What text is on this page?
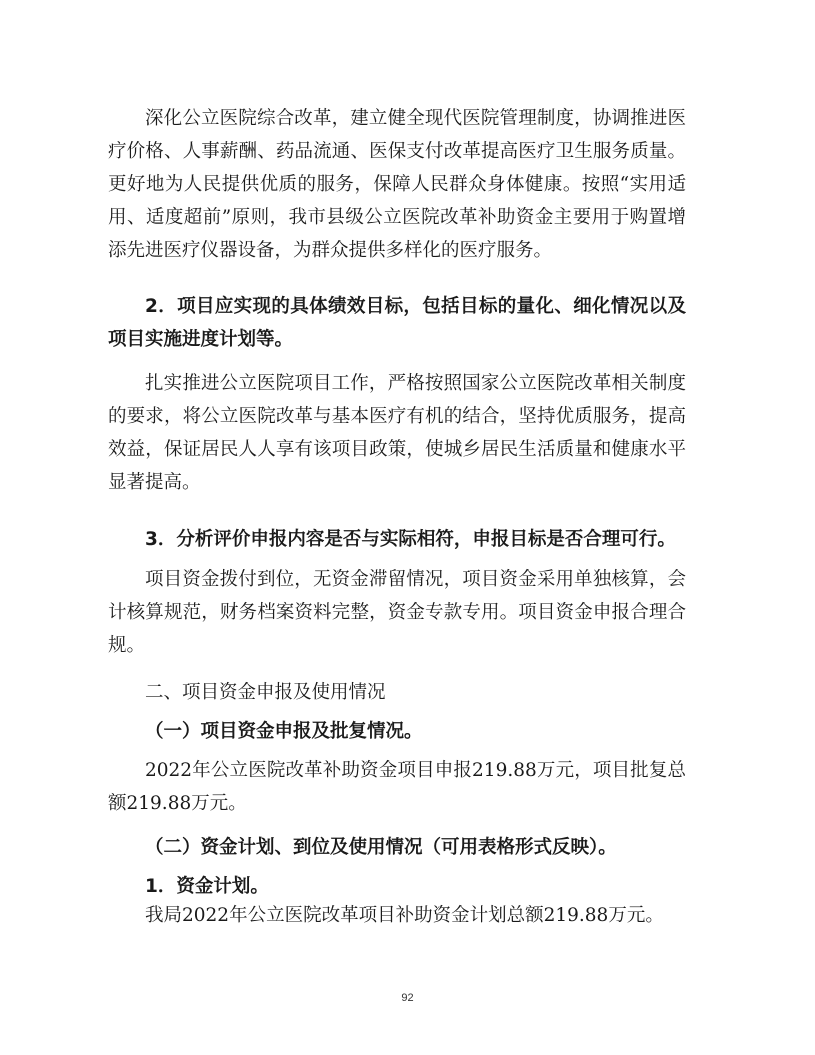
深化公立医院综合改革，建立健全现代医院管理制度，协调推进医疗价格、人事薪酬、药品流通、医保支付改革提高医疗卫生服务质量。更好地为人民提供优质的服务，保障人民群众身体健康。按照“实用适用、适度超前”原则，我市县级公立医院改革补助资金主要用于购置增添先进医疗仪器设备，为群众提供多样化的医疗服务。

2．项目应实现的具体绩效目标，包括目标的量化、细化情况以及项目实施进度计划等。

扎实推进公立医院项目工作，严格按照国家公立医院改革相关制度的要求，将公立医院改革与基本医疗有机的结合，坚持优质服务，提高效益，保证居民人人享有该项目政策，使城乡居民生活质量和健康水平显著提高。

3．分析评价申报内容是否与实际相符，申报目标是否合理可行。

项目资金拨付到位，无资金滞留情况，项目资金采用单独核算，会计核算规范，财务档案资料完整，资金专款专用。项目资金申报合理合规。

二、项目资金申报及使用情况

（一）项目资金申报及批复情况。

2022年公立医院改革补助资金项目申报219.88万元，项目批复总额219.88万元。

（二）资金计划、到位及使用情况（可用表格形式反映）。

1．资金计划。

我局2022年公立医院改革项目补助资金计划总额219.88万元。

92
